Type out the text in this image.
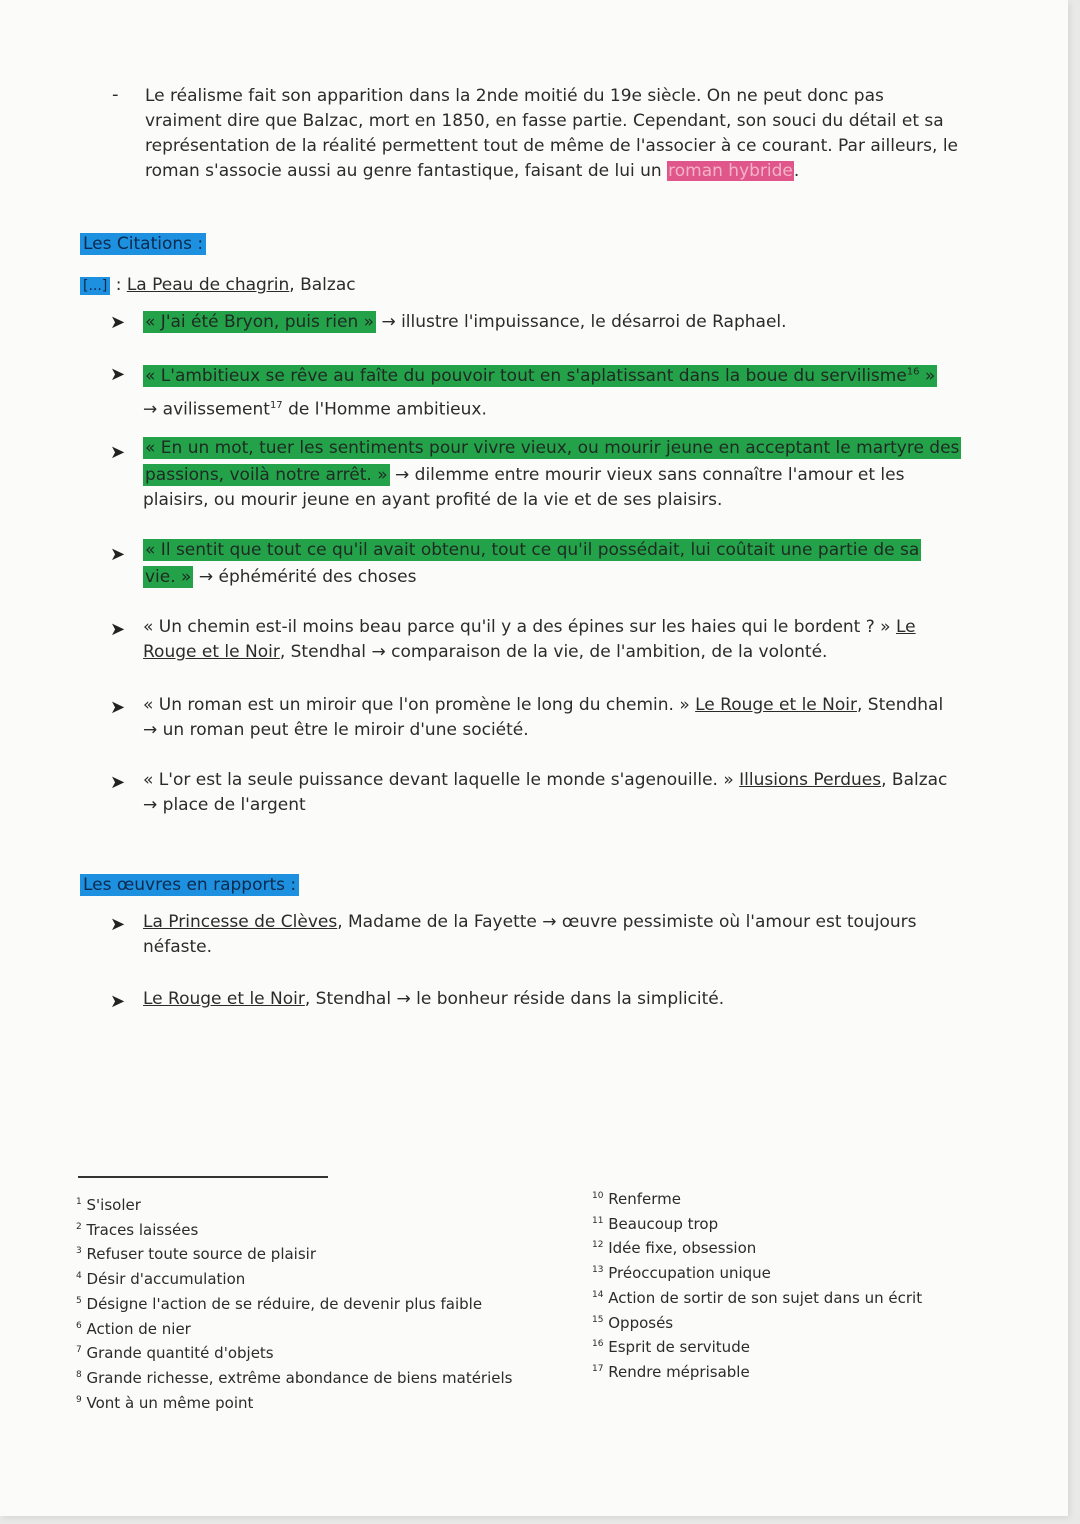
- Le réalisme fait son apparition dans la 2nde moitié du 19e siècle. On ne peut donc pas
vraiment dire que Balzac, mort en 1850, en fasse partie. Cependant, son souci du détail et sa
représentation de la réalité permettent tout de même de l'associer à ce courant. Par ailleurs, le
roman s'associe aussi au genre fantastique, faisant de lui un roman hybride.
Les Citations :
[...] : La Peau de chagrin, Balzac
➤ « J'ai été Bryon, puis rien » → illustre l'impuissance, le désarroi de Raphael.
➤ « L'ambitieux se rêve au faîte du pouvoir tout en s'aplatissant dans la boue du servilisme$^{16}$ »
→ avilissement$^{17}$ de l'Homme ambitieux.
➤ « En un mot, tuer les sentiments pour vivre vieux, ou mourir jeune en acceptant le martyre des
passions, voilà notre arrêt. » → dilemme entre mourir vieux sans connaître l'amour et les
plaisirs, ou mourir jeune en ayant profité de la vie et de ses plaisirs.
➤ « Il sentit que tout ce qu'il avait obtenu, tout ce qu'il possédait, lui coûtait une partie de sa
vie. » → éphémérité des choses
➤ « Un chemin est-il moins beau parce qu'il y a des épines sur les haies qui le bordent ? » Le
Rouge et le Noir, Stendhal → comparaison de la vie, de l'ambition, de la volonté.
➤ « Un roman est un miroir que l'on promène le long du chemin. » Le Rouge et le Noir, Stendhal
→ un roman peut être le miroir d'une société.
➤ « L'or est la seule puissance devant laquelle le monde s'agenouille. » Illusions Perdues, Balzac
→ place de l'argent
Les œuvres en rapports :
➤ La Princesse de Clèves, Madame de la Fayette → œuvre pessimiste où l'amour est toujours
néfaste.
➤ Le Rouge et le Noir, Stendhal → le bonheur réside dans la simplicité.
$^1$ S'isoler
$^2$ Traces laissées
$^3$ Refuser toute source de plaisir
$^4$ Désir d'accumulation
$^5$ Désigne l'action de se réduire, de devenir plus faible
$^6$ Action de nier
$^7$ Grande quantité d'objets
$^8$ Grande richesse, extrême abondance de biens matériels
$^9$ Vont à un même point
$^{10}$ Renferme
$^{11}$ Beaucoup trop
$^{12}$ Idée fixe, obsession
$^{13}$ Préoccupation unique
$^{14}$ Action de sortir de son sujet dans un écrit
$^{15}$ Opposés
$^{16}$ Esprit de servitude
$^{17}$ Rendre méprisable
